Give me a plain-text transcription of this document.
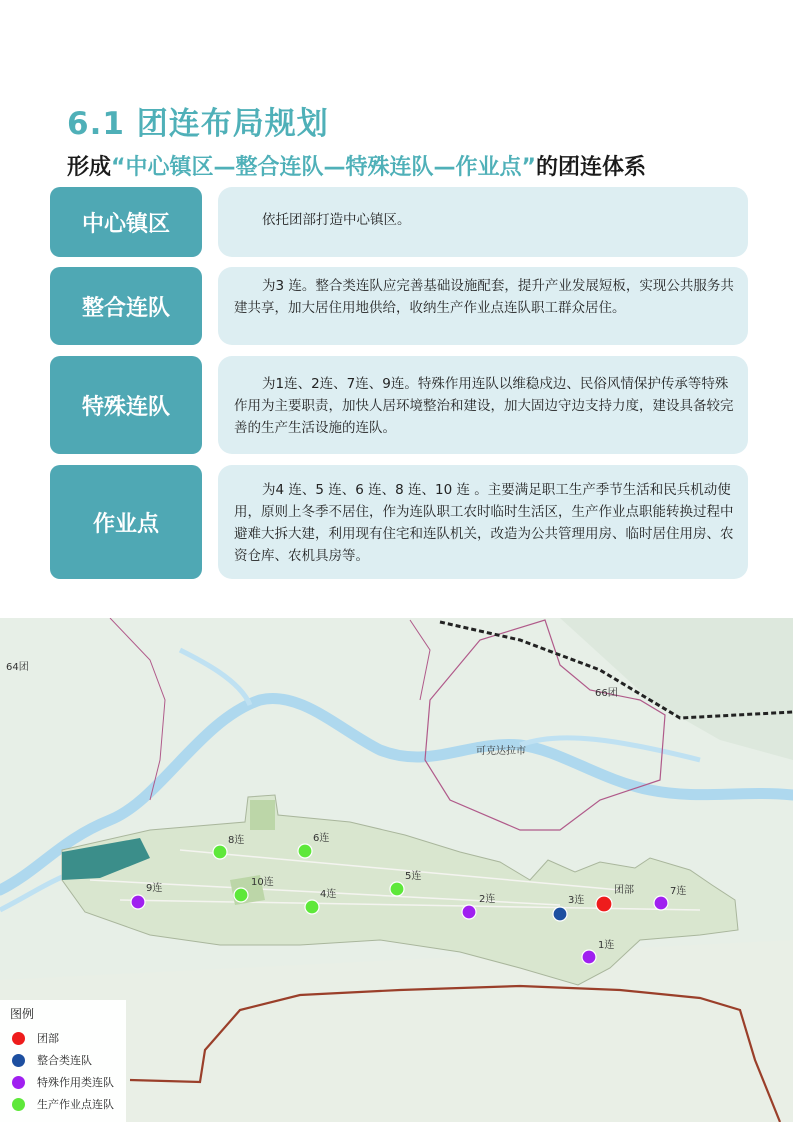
6.1 团连布局规划
形成“中心镇区—整合连队—特殊连队—作业点”的团连体系
中心镇区	依托团部打造中心镇区。
整合连队
为3 连。整合类连队应完善基础设施配套，提升产业发展短板，实现公共服务共建共享，加大居住用地供给，收纳生产作业点连队职工群众居住。
特殊连队
为1连、2连、7连、9连。特殊作用连队以维稳戍边、民俗风情保护传承等特殊作用为主要职责，加快人居环境整治和建设，加大固边守边支持力度，建设具备较完善的生产生活设施的连队。
作业点
为4 连、5 连、6 连、8 连、10 连 。主要满足职工生产季节生活和民兵机动使用，原则上冬季不居住，作为连队职工农时临时生活区，生产作业点职能转换过程中避难大拆大建，利用现有住宅和连队机关，改造为公共管理用房、临时居住用房、农资仓库、农机具房等。
64团
66团
可克达拉市
团部
3连
1连
2连
7连
9连
4连
5连
6连
8连
10连
图例
团部
整合类连队
特殊作用类连队
生产作业点连队
